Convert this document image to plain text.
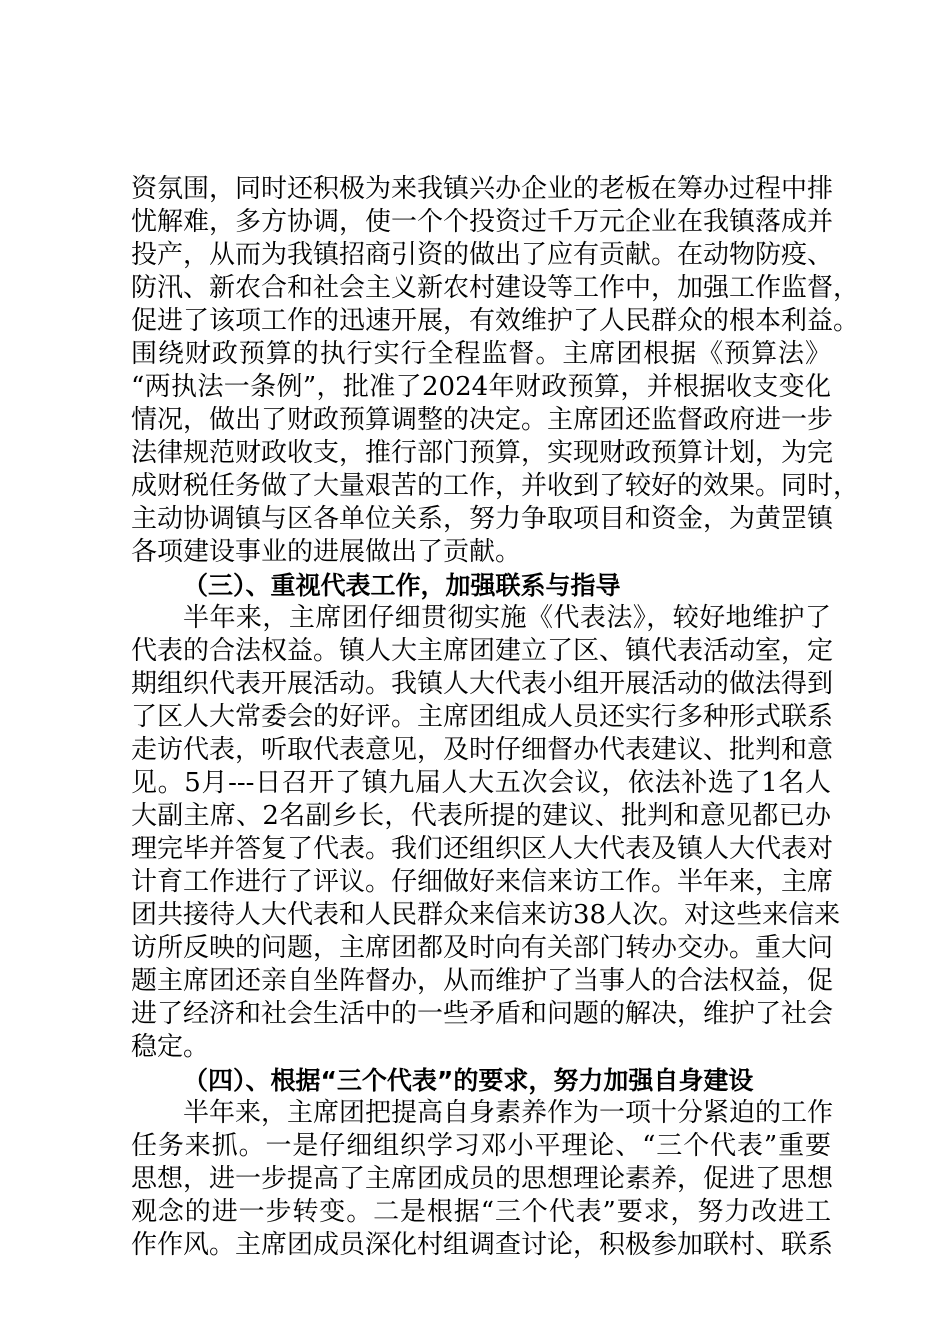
资氛围，同时还积极为来我镇兴办企业的老板在筹办过程中排
忧解难，多方协调，使一个个投资过千万元企业在我镇落成并
投产，从而为我镇招商引资的做出了应有贡献。在动物防疫、
防汛、新农合和社会主义新农村建设等工作中，加强工作监督，
促进了该项工作的迅速开展，有效维护了人民群众的根本利益。
围绕财政预算的执行实行全程监督。主席团根据《预算法》
“两执法一条例”，批准了2024年财政预算，并根据收支变化
情况，做出了财政预算调整的决定。主席团还监督政府进一步
法律规范财政收支，推行部门预算，实现财政预算计划，为完
成财税任务做了大量艰苦的工作，并收到了较好的效果。同时，
主动协调镇与区各单位关系，努力争取项目和资金，为黄罡镇
各项建设事业的进展做出了贡献。
（三）、重视代表工作，加强联系与指导
半年来，主席团仔细贯彻实施《代表法》，较好地维护了
代表的合法权益。镇人大主席团建立了区、镇代表活动室，定
期组织代表开展活动。我镇人大代表小组开展活动的做法得到
了区人大常委会的好评。主席团组成人员还实行多种形式联系
走访代表，听取代表意见，及时仔细督办代表建议、批判和意
见。5月---日召开了镇九届人大五次会议，依法补选了1名人
大副主席、2名副乡长，代表所提的建议、批判和意见都已办
理完毕并答复了代表。我们还组织区人大代表及镇人大代表对
计育工作进行了评议。仔细做好来信来访工作。半年来，主席
团共接待人大代表和人民群众来信来访38人次。对这些来信来
访所反映的问题，主席团都及时向有关部门转办交办。重大问
题主席团还亲自坐阵督办，从而维护了当事人的合法权益，促
进了经济和社会生活中的一些矛盾和问题的解决，维护了社会
稳定。
（四）、根据“三个代表”的要求，努力加强自身建设
半年来，主席团把提高自身素养作为一项十分紧迫的工作
任务来抓。一是仔细组织学习邓小平理论、“三个代表”重要
思想，进一步提高了主席团成员的思想理论素养，促进了思想
观念的进一步转变。二是根据“三个代表”要求，努力改进工
作作风。主席团成员深化村组调查讨论，积极参加联村、联系
